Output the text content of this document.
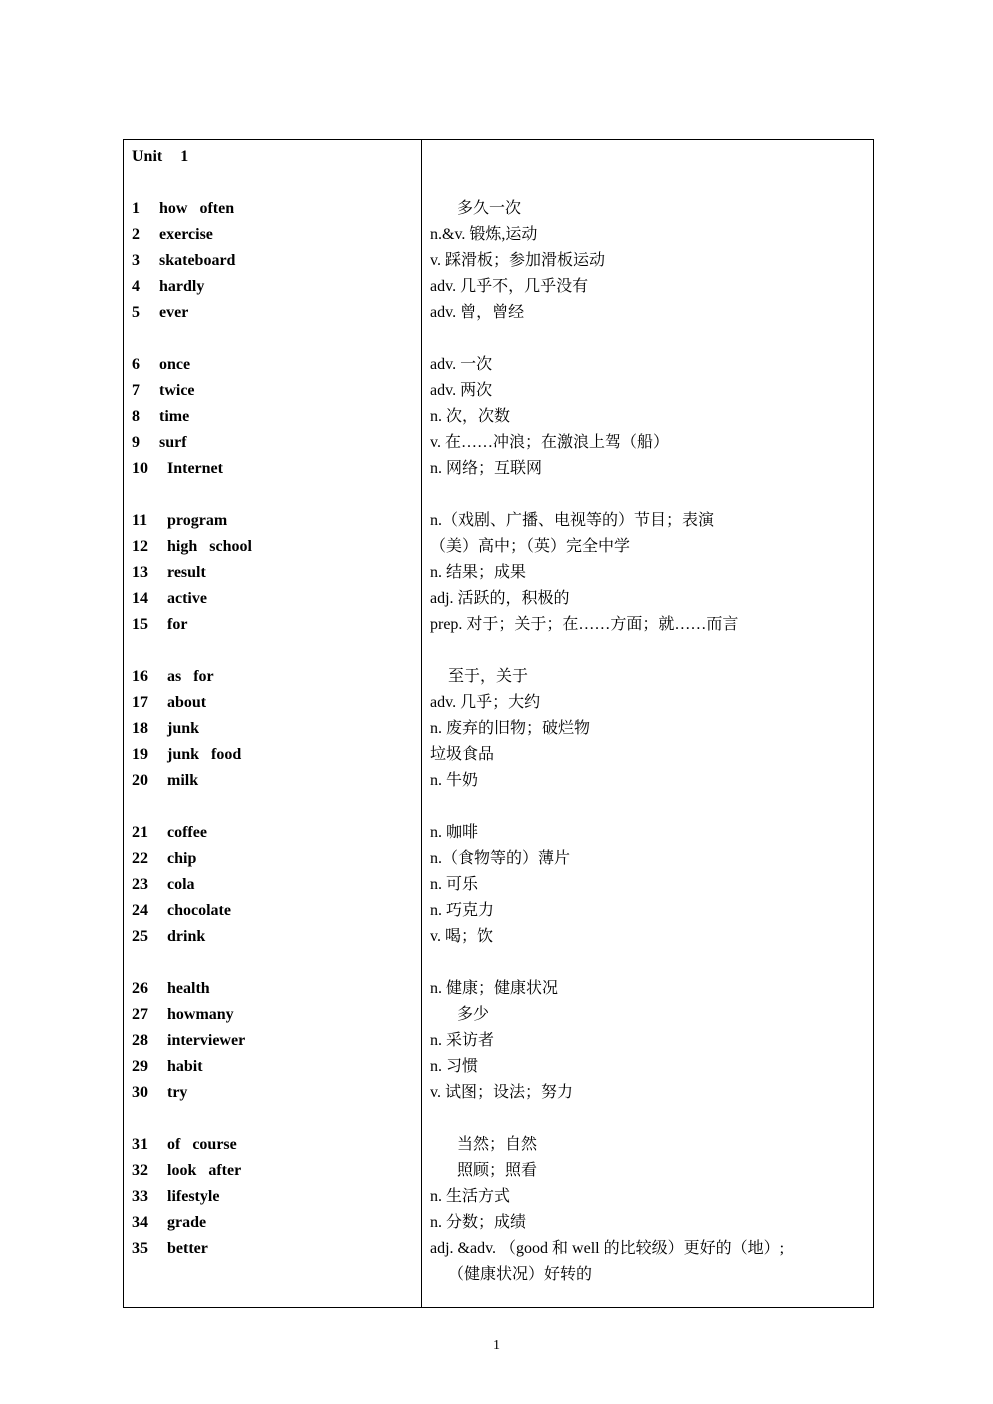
Unit 1
1 how   often
2 exercise
3 skateboard
4 hardly
5 ever
6 once
7 twice
8 time
9 surf
10 Internet
11 program
12 high   school
13 result
14 active
15 for
16 as   for
17 about
18 junk
19 junk   food
20 milk
21 coffee
22 chip
23 cola
24 chocolate
25 drink
26 health
27 howmany
28 interviewer
29 habit
30 try
31 of   course
32 look   after
33 lifestyle
34 grade
35 better
多久一次
n.&v. 锻炼,运动
v. 踩滑板；参加滑板运动
adv. 几乎不，几乎没有
adv. 曾，曾经
adv. 一次
adv. 两次
n. 次，次数
v. 在……冲浪；在激浪上驾（船）
n. 网络；互联网
n.（戏剧、广播、电视等的）节目；表演
（美）高中；（英）完全中学
n. 结果；成果
adj. 活跃的，积极的
prep. 对于；关于；在……方面；就……而言
至于，关于
adv. 几乎；大约
n. 废弃的旧物；破烂物
垃圾食品
n. 牛奶
n. 咖啡
n.（食物等的）薄片
n. 可乐
n. 巧克力
v. 喝；饮
n. 健康；健康状况
多少
n. 采访者
n. 习惯
v. 试图；设法；努力
当然；自然
照顾；照看
n. 生活方式
n. 分数；成绩
adj. &adv. （good 和 well 的比较级）更好的（地）;
（健康状况）好转的
1
